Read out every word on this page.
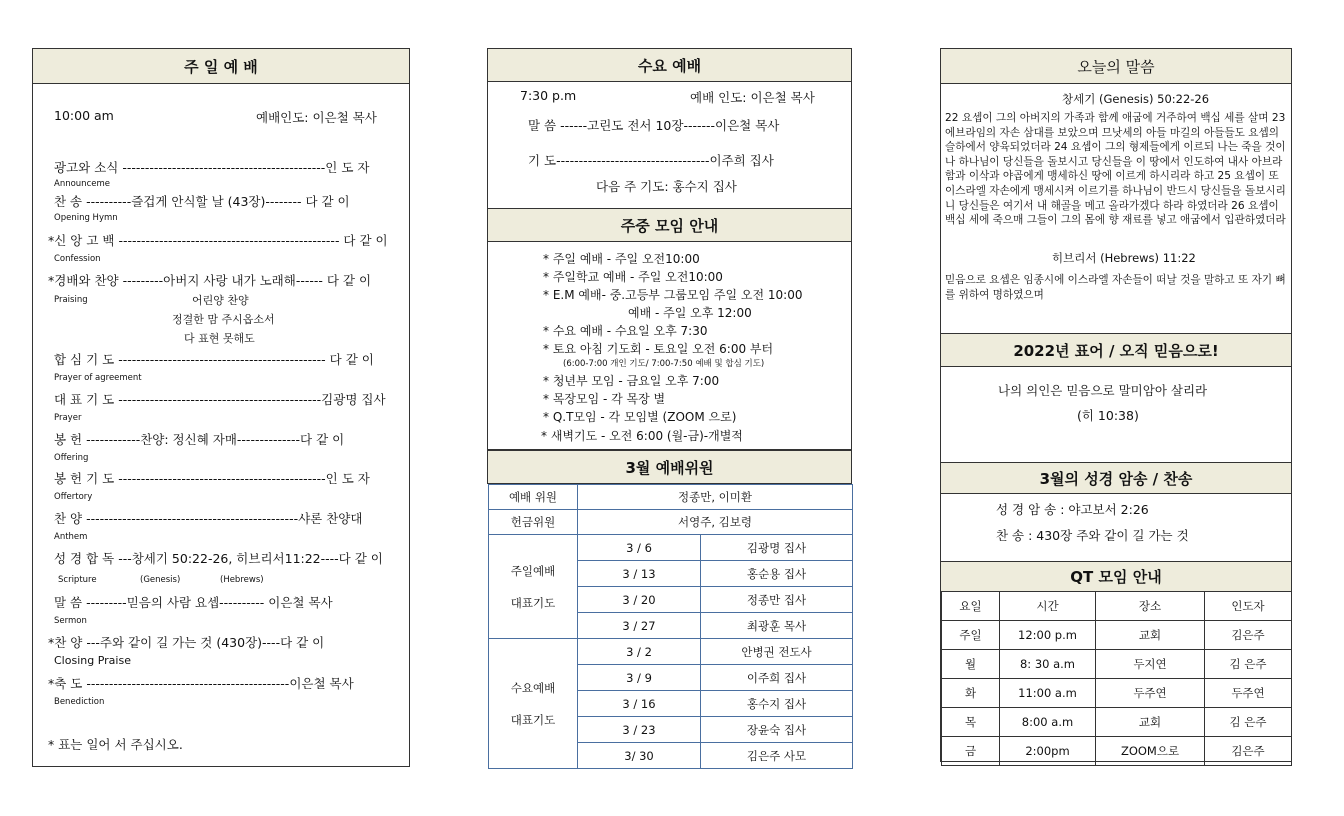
주 일 예 배
10:00 am	예배인도: 이은철 목사
광고와 소식 ---------------------------------------------인 도 자
Announceme
찬 송 ----------즐겁게 안식할 날 (43장)-------- 다 같 이
Opening Hymn
*신 앙 고 백 ------------------------------------------------- 다 같 이
Confession
*경배와 찬양 ---------아버지 사랑 내가 노래해------ 다 같 이
Praising	어린양 찬양
정결한 맘 주시옵소서
다 표현 못해도
합 심 기 도 ---------------------------------------------- 다 같 이
Prayer of agreement
대 표 기 도 ---------------------------------------------김광명 집사
Prayer
봉 헌 ------------찬양: 정신혜 자매--------------다 같 이
Offering
봉 헌 기 도 ----------------------------------------------인 도 자
Offertory
찬 양 -----------------------------------------------샤론 찬양대
Anthem
성 경 합 독 ---창세기 50:22-26, 히브리서11:22----다 같 이
Scripture	(Genesis)	(Hebrews)
말 씀 ---------믿음의 사람 요셉---------- 이은철 목사
Sermon
*찬 양 ---주와 같이 길 가는 것 (430장)----다 같 이
Closing Praise
*축 도 ---------------------------------------------이은철 목사
Benediction
* 표는 일어 서 주십시오.
수요 예배
7:30 p.m	예배 인도: 이은철 목사
말 씀 ------고린도 전서 10장-------이은철 목사
기 도----------------------------------이주희 집사
다음 주 기도: 홍수지 집사
주중 모임 안내
* 주일 예배 - 주일 오전10:00
* 주일학교 예배 - 주일 오전10:00
* E.M 예배- 중.고등부 그룹모임 주일 오전 10:00
예배 - 주일 오후 12:00
* 수요 예배 - 수요일 오후 7:30
* 토요 아침 기도회 - 토요일 오전 6:00 부터
(6:00-7:00 개인 기도/ 7:00-7:50 예배 및 합심 기도)
* 청년부 모임 - 금요일 오후 7:00
* 목장모임 - 각 목장 별
* Q.T모임 - 각 모임별 (ZOOM 으로)
* 새벽기도 - 오전 6:00 (월-금)-개별적
3월 예배위원
예배 위원	정종만, 이미환	
헌금위원	서영주, 김보령	

주일예배
대표기도	3 / 6	김광명 집사
	3 / 13	홍순용 집사
	3 / 20	정종만 집사
	3 / 27	최광훈 목사

수요예배
대표기도	3 / 2	안병권 전도사
	3 / 9	이주희 집사
	3 / 16	홍수지 집사
	3 / 23	장윤숙 집사
	3/ 30	김은주 사모
오늘의 말씀
창세기 (Genesis) 50:22-26
22 요셉이 그의 아버지의 가족과 함께 애굽에 거주하여 백십 세를 살며 23 에브라임의 자손 삼대를 보았으며 므낫세의 아들 마길의 아들들도 요셉의 슬하에서 양육되었더라 24 요셉이 그의 형제들에게 이르되 나는 죽을 것이나 하나님이 당신들을 돌보시고 당신들을 이 땅에서 인도하여 내사 아브라함과 이삭과 야곱에게 맹세하신 땅에 이르게 하시리라 하고 25 요셉이 또 이스라엘 자손에게 맹세시켜 이르기를 하나님이 반드시 당신들을 돌보시리니 당신들은 여기서 내 해골을 메고 올라가겠다 하라 하였더라 26 요셉이 백십 세에 죽으매 그들이 그의 몸에 향 재료를 넣고 애굽에서 입관하였더라
히브리서 (Hebrews) 11:22
믿음으로 요셉은 임종시에 이스라엘 자손들이 떠날 것을 말하고 또 자기 뼈를 위하여 명하였으며
2022년 표어 / 오직 믿음으로!
나의 의인은 믿음으로 말미암아 살리라
(히 10:38)
3월의 성경 암송 / 찬송
성 경 암 송 : 야고보서 2:26
찬 송 : 430장 주와 같이 길 가는 것
QT 모임 안내
요일	시간	장소	인도자
주일	12:00 p.m	교회	김은주
월	8: 30 a.m	두지연	김 은주
화	11:00 a.m	두주연	두주연
목	8:00 a.m	교회	김 은주
금	2:00pm	ZOOM으로	김은주
